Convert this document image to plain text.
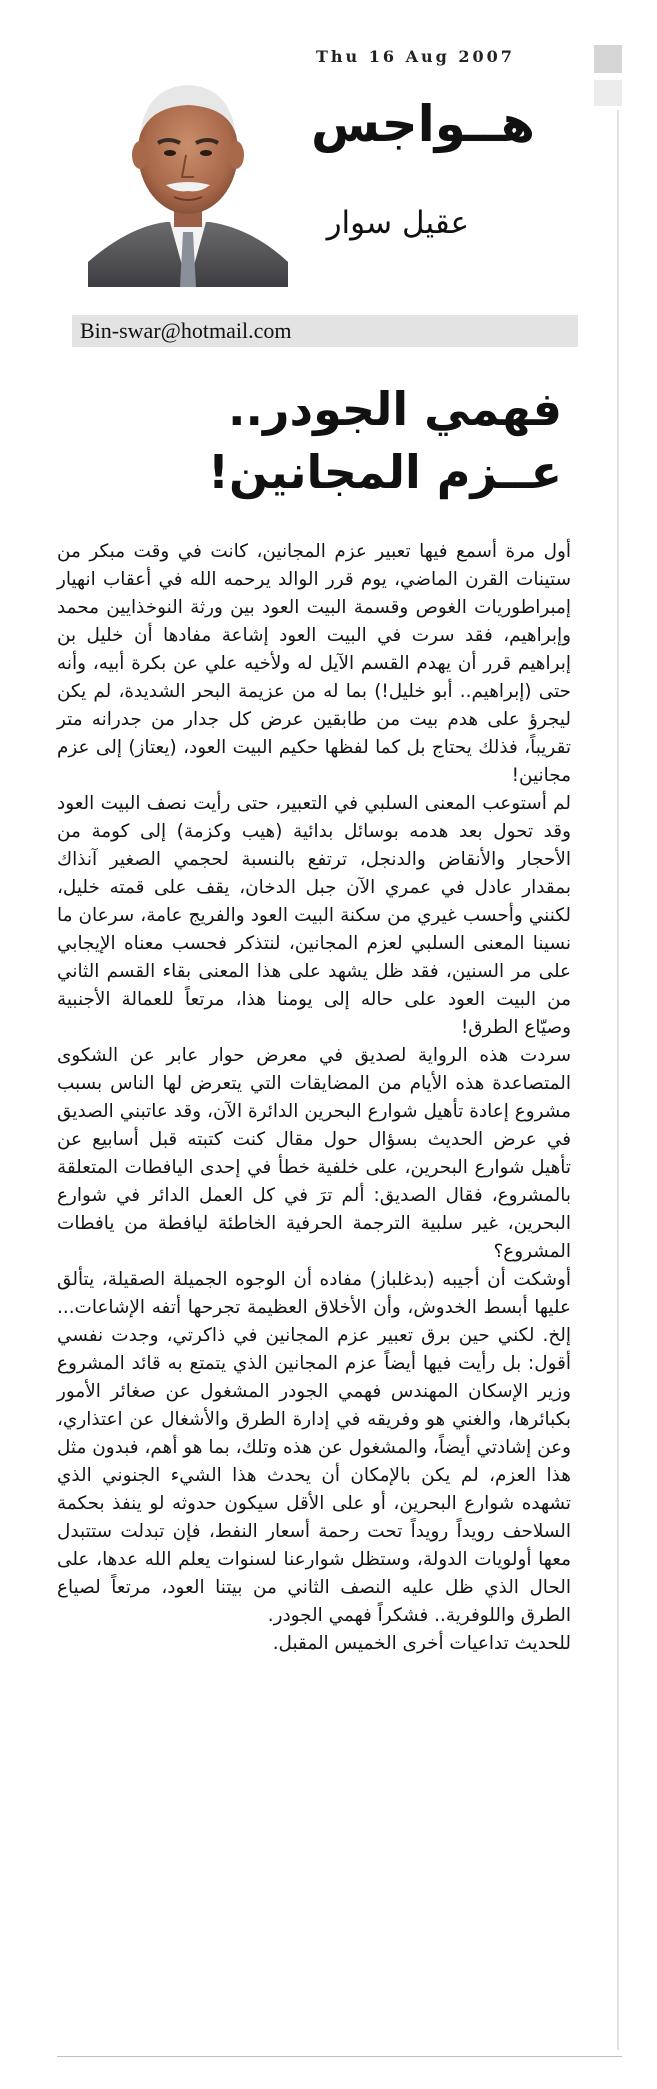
Thu 16 Aug 2007
هــواجس
عقيل سوار
Bin-swar@hotmail.com
فهمي الجودر..
عــزم المجانين!

أول مرة أسمع فيها تعبير عزم المجانين، كانت في وقت مبكر من ستينات القرن الماضي، يوم قرر الوالد يرحمه الله في أعقاب انهيار إمبراطوريات الغوص وقسمة البيت العود بين ورثة النوخذايين محمد وإبراهيم، فقد سرت في البيت العود إشاعة مفادها أن خليل بن إبراهيم قرر أن يهدم القسم الآيل له ولأخيه علي عن بكرة أبيه، وأنه حتى (إبراهيم.. أبو خليل!) بما له من عزيمة البحر الشديدة، لم يكن ليجرؤ على هدم بيت من طابقين عرض كل جدار من جدرانه متر تقريباً، فذلك يحتاج بل كما لفظها حكيم البيت العود، (يعتاز) إلى عزم مجانين!

لم أستوعب المعنى السلبي في التعبير، حتى رأيت نصف البيت العود وقد تحول بعد هدمه بوسائل بدائية (هيب وكزمة) إلى كومة من الأحجار والأنقاض والدنجل، ترتفع بالنسبة لحجمي الصغير آنذاك بمقدار عادل في عمري الآن جبل الدخان، يقف على قمته خليل، لكنني وأحسب غيري من سكنة البيت العود والفريج عامة، سرعان ما نسينا المعنى السلبي لعزم المجانين، لنتذكر فحسب معناه الإيجابي على مر السنين، فقد ظل يشهد على هذا المعنى بقاء القسم الثاني من البيت العود على حاله إلى يومنا هذا، مرتعاً للعمالة الأجنبية وصيّاع الطرق!

سردت هذه الرواية لصديق في معرض حوار عابر عن الشكوى المتصاعدة هذه الأيام من المضايقات التي يتعرض لها الناس بسبب مشروع إعادة تأهيل شوارع البحرين الدائرة الآن، وقد عاتبني الصديق في عرض الحديث بسؤال حول مقال كنت كتبته قبل أسابيع عن تأهيل شوارع البحرين، على خلفية خطأ في إحدى اليافطات المتعلقة بالمشروع، فقال الصديق: ألم ترَ في كل العمل الدائر في شوارع البحرين، غير سلبية الترجمة الحرفية الخاطئة ليافطة من يافطات المشروع؟

أوشكت أن أجيبه (بدغلباز) مفاده أن الوجوه الجميلة الصقيلة، يتألق عليها أبسط الخدوش، وأن الأخلاق العظيمة تجرحها أتفه الإشاعات... إلخ. لكني حين برق تعبير عزم المجانين في ذاكرتي، وجدت نفسي أقول: بل رأيت فيها أيضاً عزم المجانين الذي يتمتع به قائد المشروع وزير الإسكان المهندس فهمي الجودر المشغول عن صغائر الأمور بكبائرها، والغني هو وفريقه في إدارة الطرق والأشغال عن اعتذاري، وعن إشادتي أيضاً، والمشغول عن هذه وتلك، بما هو أهم، فبدون مثل هذا العزم، لم يكن بالإمكان أن يحدث هذا الشيء الجنوني الذي تشهده شوارع البحرين، أو على الأقل سيكون حدوثه لو ينفذ بحكمة السلاحف رويداً رويداً تحت رحمة أسعار النفط، فإن تبدلت ستتبدل معها أولويات الدولة، وستظل شوارعنا لسنوات يعلم الله عدها، على الحال الذي ظل عليه النصف الثاني من بيتنا العود، مرتعاً لصياع الطرق واللوفرية.. فشكراً فهمي الجودر.

للحديث تداعيات أخرى الخميس المقبل.
